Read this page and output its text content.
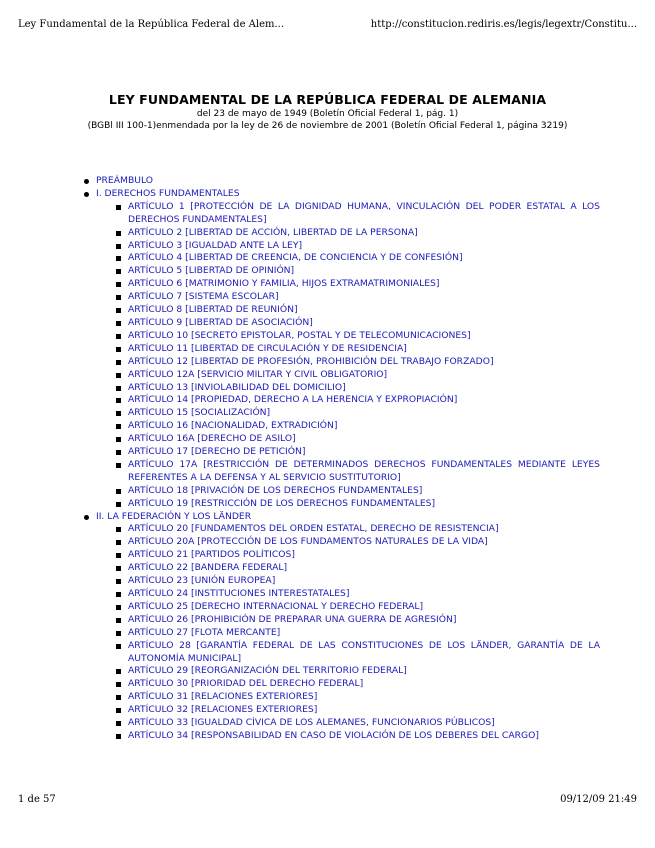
Ley Fundamental de la República Federal de Alem...	http://constitucion.rediris.es/legis/legextr/Constitu...

LEY FUNDAMENTAL DE LA REPÚBLICA FEDERAL DE ALEMANIA

del 23 de mayo de 1949 (Boletín Oficial Federal 1, pág. 1)

(BGBl III 100-1)enmendada por la ley de 26 de noviembre de 2001 (Boletín Oficial Federal 1, página 3219)

PREÁMBULO
I. DERECHOS FUNDAMENTALES
ARTÍCULO 1 [PROTECCIÓN DE LA DIGNIDAD HUMANA, VINCULACIÓN DEL PODER ESTATAL A LOS DERECHOS FUNDAMENTALES]
ARTÍCULO 2 [LIBERTAD DE ACCIÓN, LIBERTAD DE LA PERSONA]
ARTÍCULO 3 [IGUALDAD ANTE LA LEY]
ARTÍCULO 4 [LIBERTAD DE CREENCIA, DE CONCIENCIA Y DE CONFESIÓN]
ARTÍCULO 5 [LIBERTAD DE OPINIÓN]
ARTÍCULO 6 [MATRIMONIO Y FAMILIA, HIJOS EXTRAMATRIMONIALES]
ARTÍCULO 7 [SISTEMA ESCOLAR]
ARTÍCULO 8 [LIBERTAD DE REUNIÓN]
ARTÍCULO 9 [LIBERTAD DE ASOCIACIÓN]
ARTÍCULO 10 [SECRETO EPISTOLAR, POSTAL Y DE TELECOMUNICACIONES]
ARTÍCULO 11 [LIBERTAD DE CIRCULACIÓN Y DE RESIDENCIA]
ARTÍCULO 12 [LIBERTAD DE PROFESIÓN, PROHIBICIÓN DEL TRABAJO FORZADO]
ARTÍCULO 12A [SERVICIO MILITAR Y CIVIL OBLIGATORIO]
ARTÍCULO 13 [INVIOLABILIDAD DEL DOMICILIO]
ARTÍCULO 14 [PROPIEDAD, DERECHO A LA HERENCIA Y EXPROPIACIÓN]
ARTÍCULO 15 [SOCIALIZACIÓN]
ARTÍCULO 16 [NACIONALIDAD, EXTRADICIÓN]
ARTÍCULO 16A [DERECHO DE ASILO]
ARTÍCULO 17 [DERECHO DE PETICIÓN]
ARTÍCULO 17A [RESTRICCIÓN DE DETERMINADOS DERECHOS FUNDAMENTALES MEDIANTE LEYES REFERENTES A LA DEFENSA Y AL SERVICIO SUSTITUTORIO]
ARTÍCULO 18 [PRIVACIÓN DE LOS DERECHOS FUNDAMENTALES]
ARTÍCULO 19 [RESTRICCIÓN DE LOS DERECHOS FUNDAMENTALES]
II. LA FEDERACIÓN Y LOS LÄNDER
ARTÍCULO 20 [FUNDAMENTOS DEL ORDEN ESTATAL, DERECHO DE RESISTENCIA]
ARTÍCULO 20A [PROTECCIÓN DE LOS FUNDAMENTOS NATURALES DE LA VIDA]
ARTÍCULO 21 [PARTIDOS POLÍTICOS]
ARTÍCULO 22 [BANDERA FEDERAL]
ARTÍCULO 23 [UNIÓN EUROPEA]
ARTÍCULO 24 [INSTITUCIONES INTERESTATALES]
ARTÍCULO 25 [DERECHO INTERNACIONAL Y DERECHO FEDERAL]
ARTÍCULO 26 [PROHIBICIÓN DE PREPARAR UNA GUERRA DE AGRESIÓN]
ARTÍCULO 27 [FLOTA MERCANTE]
ARTÍCULO 28 [GARANTÍA FEDERAL DE LAS CONSTITUCIONES DE LOS LÄNDER, GARANTÍA DE LA AUTONOMÍA MUNICIPAL]
ARTÍCULO 29 [REORGANIZACIÓN DEL TERRITORIO FEDERAL]
ARTÍCULO 30 [PRIORIDAD DEL DERECHO FEDERAL]
ARTÍCULO 31 [RELACIONES EXTERIORES]
ARTÍCULO 32 [RELACIONES EXTERIORES]
ARTÍCULO 33 [IGUALDAD CÍVICA DE LOS ALEMANES, FUNCIONARIOS PÚBLICOS]
ARTÍCULO 34 [RESPONSABILIDAD EN CASO DE VIOLACIÓN DE LOS DEBERES DEL CARGO]
1 de 57	09/12/09 21:49
